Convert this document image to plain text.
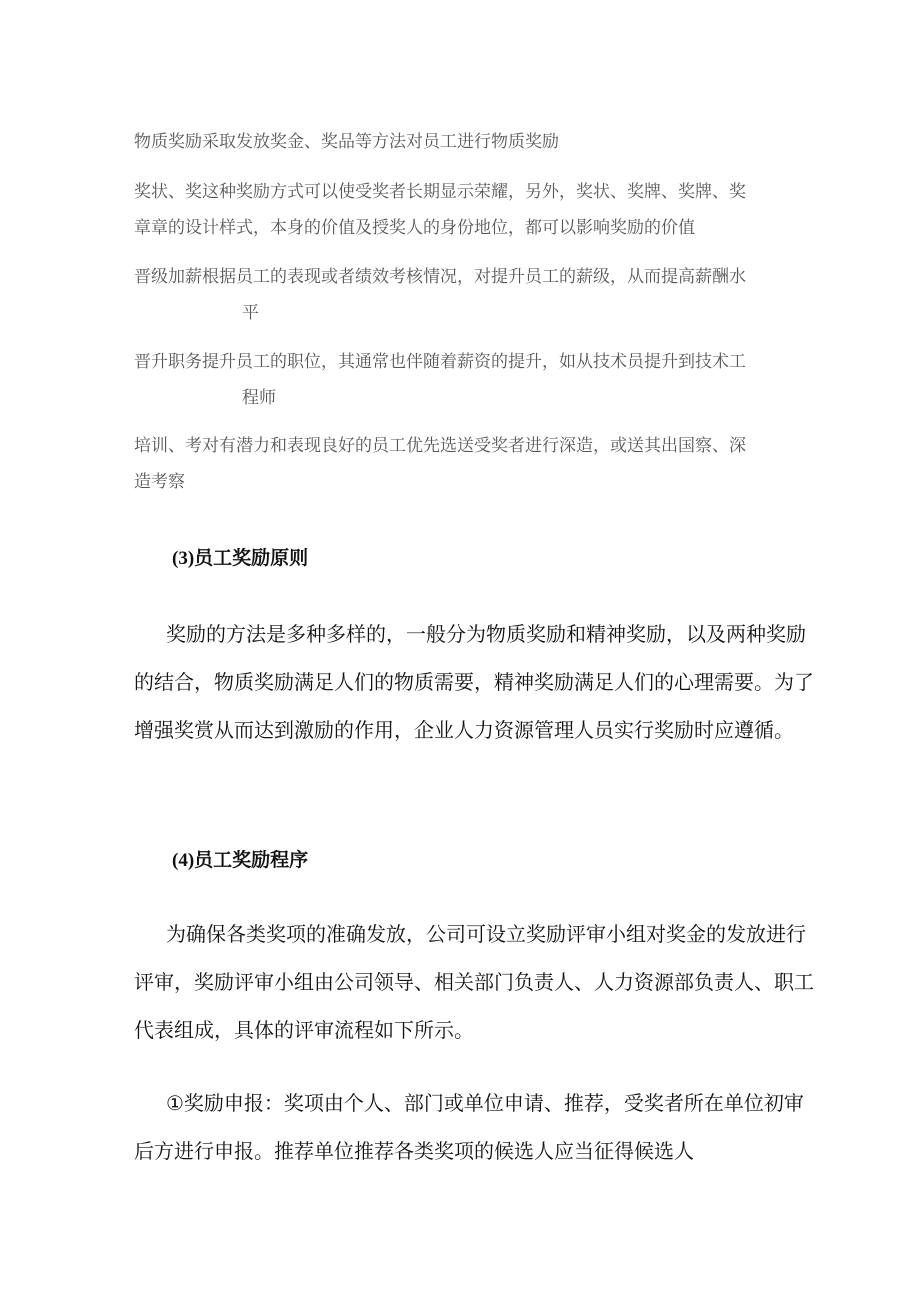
物质奖励采取发放奖金、奖品等方法对员工进行物质奖励

奖状、奖这种奖励方式可以使受奖者长期显示荣耀，另外，奖状、奖牌、奖牌、奖
章章的设计样式，本身的价值及授奖人的身份地位，都可以影响奖励的价值

晋级加薪根据员工的表现或者绩效考核情况，对提升员工的薪级，从而提高薪酬水
平

晋升职务提升员工的职位，其通常也伴随着薪资的提升，如从技术员提升到技术工
程师

培训、考对有潜力和表现良好的员工优先选送受奖者进行深造，或送其出国察、深
造考察

(3)员工奖励原则

奖励的方法是多种多样的，一般分为物质奖励和精神奖励，以及两种奖励的结合，物质奖励满足人们的物质需要，精神奖励满足人们的心理需要。为了增强奖赏从而达到激励的作用，企业人力资源管理人员实行奖励时应遵循。

(4)员工奖励程序

为确保各类奖项的准确发放，公司可设立奖励评审小组对奖金的发放进行评审，奖励评审小组由公司领导、相关部门负责人、人力资源部负责人、职工代表组成，具体的评审流程如下所示。

①奖励申报：奖项由个人、部门或单位申请、推荐，受奖者所在单位初审后方进行申报。推荐单位推荐各类奖项的候选人应当征得候选人
